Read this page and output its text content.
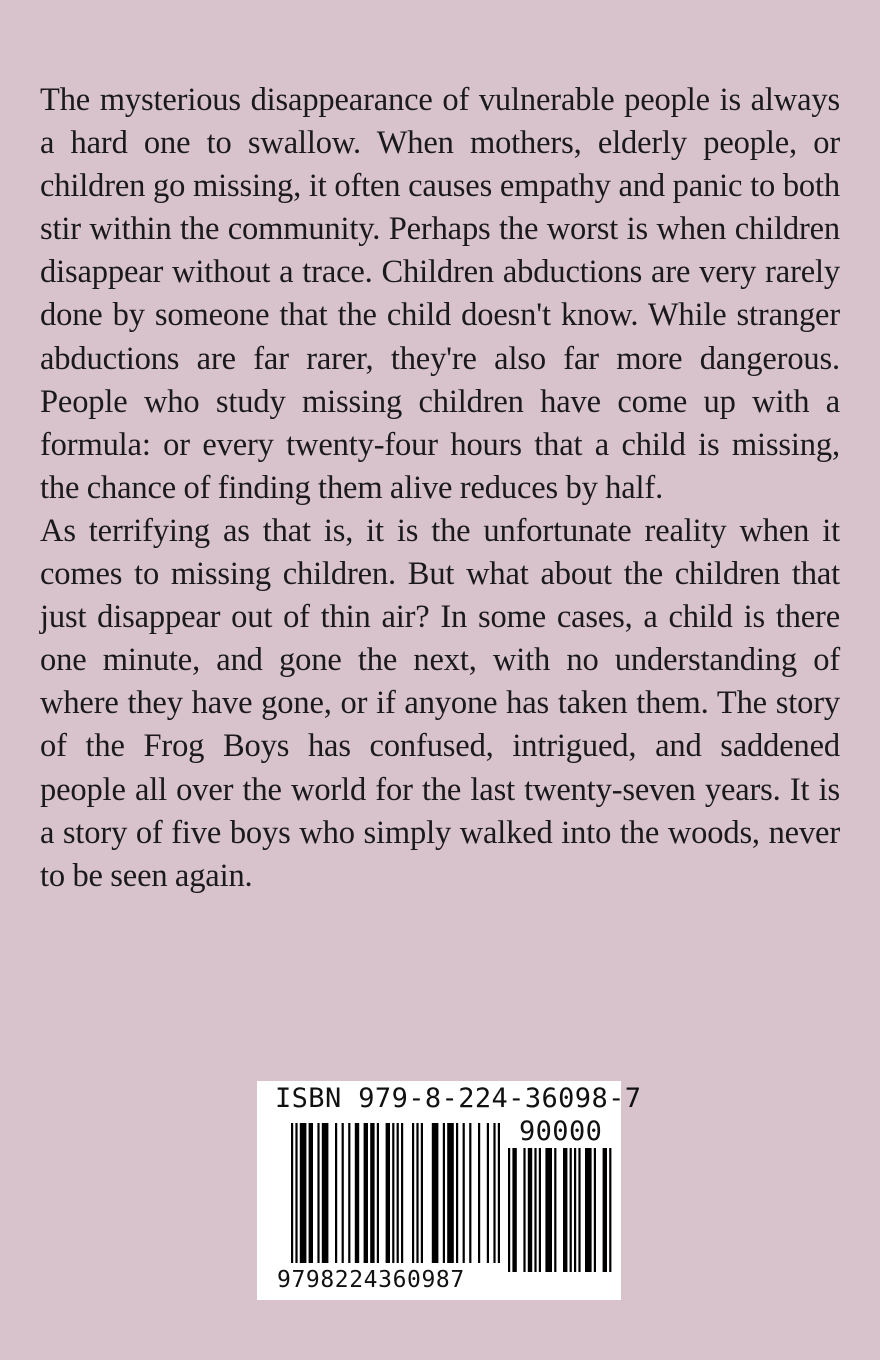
The mysterious disappearance of vulnerable people is always a hard one to swallow. When mothers, elderly people, or children go missing, it often causes empathy and panic to both stir within the community. Perhaps the worst is when children disappear without a trace. Children abductions are very rarely done by someone that the child doesn't know. While stranger abductions are far rarer, they're also far more dangerous. People who study missing children have come up with a formula: or every twenty-four hours that a child is missing, the chance of finding them alive reduces by half.

As terrifying as that is, it is the unfortunate reality when it comes to missing children. But what about the children that just disappear out of thin air? In some cases, a child is there one minute, and gone the next, with no understanding of where they have gone, or if anyone has taken them. The story of the Frog Boys has confused, intrigued, and saddened people all over the world for the last twenty-seven years. It is a story of five boys who simply walked into the woods, never to be seen again.

ISBN 979-8-224-36098-7
90000
9798224360987
